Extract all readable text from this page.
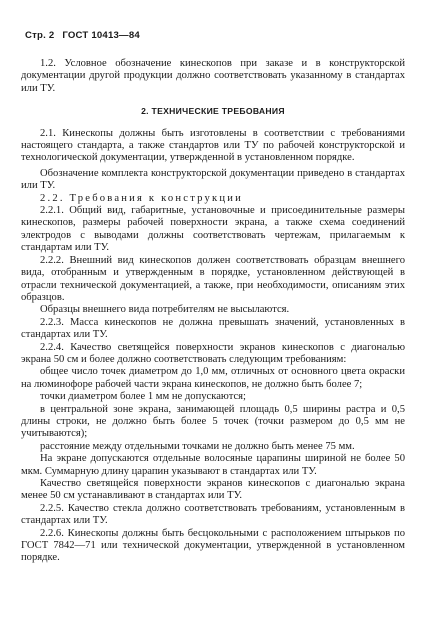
Стр. 2 ГОСТ 10413—84

1.2. Условное обозначение кинескопов при заказе и в конструкторской документации другой продукции должно соответствовать указанному в стандартах или ТУ.

2. ТЕХНИЧЕСКИЕ ТРЕБОВАНИЯ

2.1. Кинескопы должны быть изготовлены в соответствии с требованиями настоящего стандарта, а также стандартов или ТУ по рабочей конструкторской и технологической документации, утвержденной в установленном порядке.

Обозначение комплекта конструкторской документации приведено в стандартах или ТУ.

2.2. Требования к конструкции

2.2.1. Общий вид, габаритные, установочные и присоединительные размеры кинескопов, размеры рабочей поверхности экрана, а также схема соединений электродов с выводами должны соответствовать чертежам, прилагаемым к стандартам или ТУ.

2.2.2. Внешний вид кинескопов должен соответствовать образцам внешнего вида, отобранным и утвержденным в порядке, установленном действующей в отрасли технической документацией, а также, при необходимости, описаниям этих образцов.

Образцы внешнего вида потребителям не высылаются.

2.2.3. Масса кинескопов не должна превышать значений, установленных в стандартах или ТУ.

2.2.4. Качество светящейся поверхности экранов кинескопов с диагональю экрана 50 см и более должно соответствовать следующим требованиям:

общее число точек диаметром до 1,0 мм, отличных от основного цвета окраски на люминофоре рабочей части экрана кинескопов, не должно быть более 7;

точки диаметром более 1 мм не допускаются;

в центральной зоне экрана, занимающей площадь 0,5 ширины растра и 0,5 длины строки, не должно быть более 5 точек (точки размером до 0,5 мм не учитываются);

расстояние между отдельными точками не должно быть менее 75 мм.

На экране допускаются отдельные волосяные царапины шириной не более 50 мкм. Суммарную длину царапин указывают в стандартах или ТУ.

Качество светящейся поверхности экранов кинескопов с диагональю экрана менее 50 см устанавливают в стандартах или ТУ.

2.2.5. Качество стекла должно соответствовать требованиям, установленным в стандартах или ТУ.

2.2.6. Кинескопы должны быть бесцокольными с расположением штырьков по ГОСТ 7842—71 или технической документации, утвержденной в установленном порядке.
